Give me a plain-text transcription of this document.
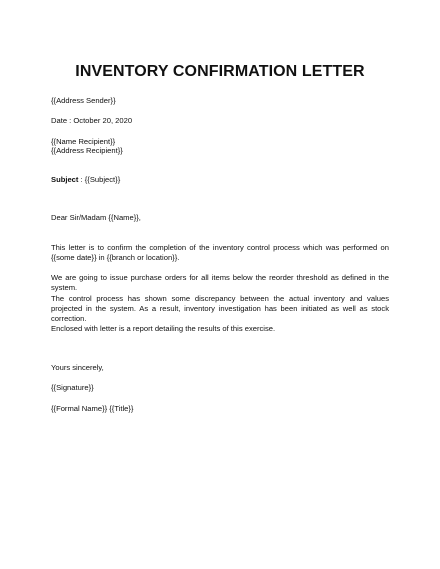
INVENTORY CONFIRMATION LETTER
{{Address Sender}}
Date : October 20, 2020
{{Name Recipient}}
{{Address Recipient}}
Subject : {{Subject}}
Dear Sir/Madam {{Name}},
This letter is to confirm the completion of the inventory control process which was performed on {{some date}} in {{branch or location}}.
We are going to issue purchase orders for all items below the reorder threshold as defined in the system.
The control process has shown some discrepancy between the actual inventory and values projected in the system. As a result, inventory investigation has been initiated as well as stock correction.
Enclosed with letter is a report detailing the results of this exercise.
Yours sincerely,
{{Signature}}
{{Formal Name}} {{Title}}
